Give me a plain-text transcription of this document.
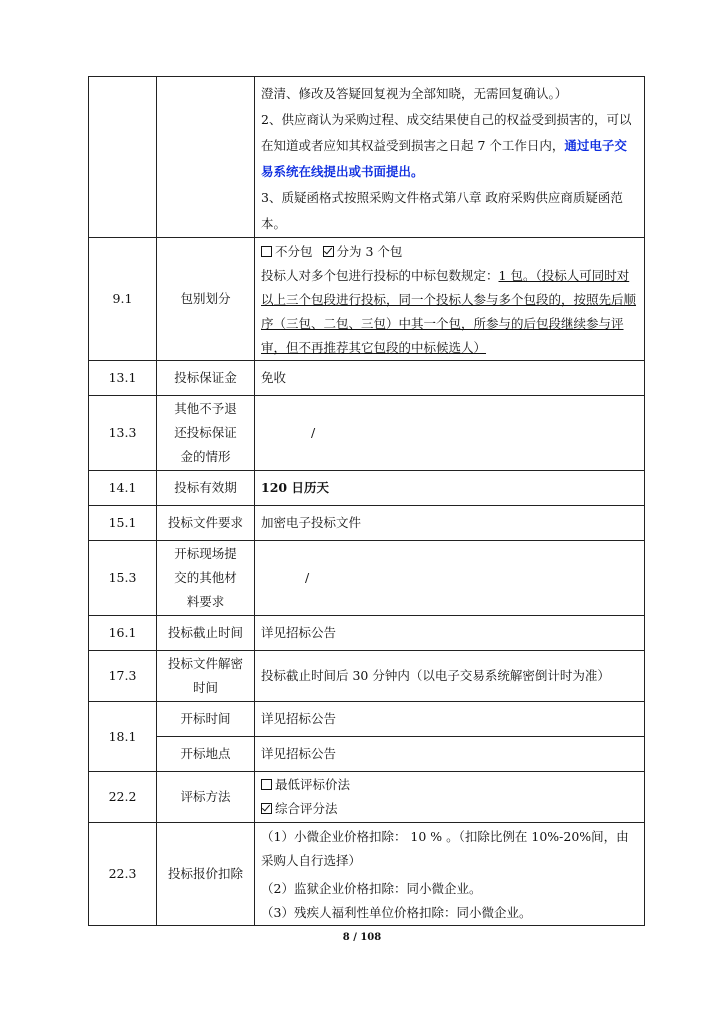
		澄清、修改及答疑回复视为全部知晓，无需回复确认。）
2、供应商认为采购过程、成交结果使自己的权益受到损害的，可以在知道或者应知其权益受到损害之日起 7 个工作日内，通过电子交易系统在线提出或书面提出。
3、质疑函格式按照采购文件格式第八章 政府采购供应商质疑函范本。

9.1	包别划分	不分包 分为 3 个包
投标人对多个包进行投标的中标包数规定：1 包。（投标人可同时对以上三个包段进行投标，同一个投标人参与多个包段的，按照先后顺序（三包、二包、三包）中其一个包，所参与的后包段继续参与评审，但不再推荐其它包段的中标候选人）

13.1	投标保证金	免收
13.3	其他不予退还投标保证金的情形	/
14.1	投标有效期	120 日历天
15.1	投标文件要求	加密电子投标文件
15.3	开标现场提交的其他材料要求	/
16.1	投标截止时间	详见招标公告
17.3	投标文件解密时间	投标截止时间后 30 分钟内（以电子交易系统解密倒计时为准）
18.1	开标时间	详见招标公告
	开标地点	详见招标公告
22.2	评标方法	最低评标价法
综合评分法

22.3	投标报价扣除	（1）小微企业价格扣除： 10 % 。（扣除比例在 10%-20%间，由采购人自行选择）
（2）监狱企业价格扣除：同小微企业。
（3）残疾人福利性单位价格扣除：同小微企业。
8 / 108
